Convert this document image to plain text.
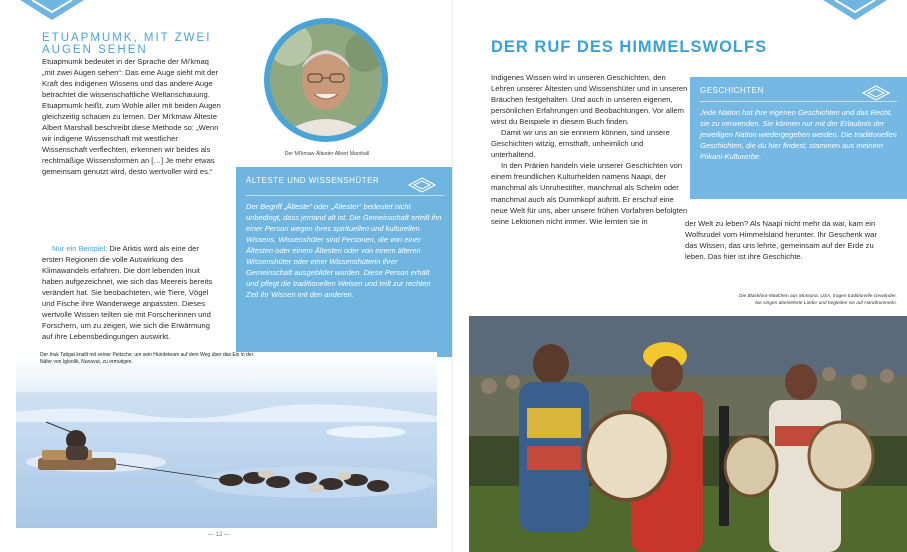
ETUAPMUMK, MIT ZWEI AUGEN SEHEN

Etuapmumk bedeutet in der Sprache der Mi'kmaq „mit zwei Augen sehen“: Das eine Auge sieht mit der Kraft des indigenen Wissens und das andere Auge betrachtet die wissenschaftliche Weltanschauung. Etuapmumk heißt, zum Wohle aller mit beiden Augen gleichzeitig schauen zu lernen. Der Mi'kmaw Älteste Albert Marshall beschreibt diese Methode so: „Wenn wir indigene Wissenschaft mit westlicher Wissenschaft verflechten, erkennen wir beides als rechtmäßige Wissensformen an […] Je mehr etwas gemeinsam genutzt wird, desto wertvoller wird es.“

Nur ein Beispiel: Die Arktis wird als eine der ersten Regionen die volle Auswirkung des Klimawandels erfahren. Die dort lebenden Inuit haben aufgezeichnet, wie sich das Meereis bereits verändert hat. Sie beobachteten, wie Tiere, Vögel und Fische ihre Wanderwege anpassten. Dieses wertvolle Wissen teilten sie mit Forscherinnen und Forschern, um zu zeigen, wie sich die Erwärmung auf ihre Lebensbedingungen auswirkt.

Der Mi'kmaw Ältester Albert Marshall
ÄLTESTE UND WISSENSHÜTER
Der Begriff „Älteste“ oder „Ältester“ bedeutet nicht unbedingt, dass jemand alt ist. Die Gemeinschaft erteilt ihn einer Person wegen ihres spirituellen und kulturellen Wissens. Wissenshüter sind Personen, die von einer Ältesten oder einem Ältesten oder von einem älteren Wissenshüter oder einer Wissenshüterin ihrer Gemeinschaft ausgebildet wurden. Diese Person erhält und pflegt die traditionellen Weisen und teilt zur rechten Zeit ihr Wissen mit den anderen.
Der Inuk Tatigat knallt mit seiner Peitsche, um sein Hundeteam auf dem Weg über das Eis in der Nähe von Igloolik, Nunavut, zu ermutigen.
— 12 —
DER RUF DES HIMMELSWOLFS

Indigenes Wissen wird in unseren Geschichten, den Lehren unserer Ältesten und Wissenshüter und in unseren Bräuchen festgehalten. Und auch in unseren eigenen, persönlichen Erfahrungen und Beobachtungen. Vor allem wirst du Beispiele in diesem Buch finden.

Damit wir uns an sie erinnern können, sind unsere Geschichten witzig, ernsthaft, unheimlich und unterhaltend.

In den Prärien handeln viele unserer Geschichten von einem freundlichen Kulturhelden namens Naapi, der manchmal als Unruhestifter, manchmal als Schelm oder manchmal auch als Dummkopf auftritt. Er erschuf eine neue Welt für uns, aber unsere frühen Vorfahren befolgten seine Lektionen nicht immer. Wie lernten sie in	der Welt zu leben? Als Naapi nicht mehr da war, kam ein Wolfsrudel vom Himmelsland herunter. Ihr Geschenk war das Wissen, das uns lehrte, gemeinsam auf der Erde zu leben. Das hier ist ihre Geschichte.

GESCHICHTEN
Jede Nation hat ihre eigenen Geschichten und das Recht, sie zu verwenden. Sie können nur mit der Erlaubnis der jeweiligen Nation wiedergegeben werden. Die traditionellen Geschichten, die du hier findest, stammen aus meinem Piikani-Kulturerbe.
Die Blackfoot-Mädchen aus Montana, USA, tragen traditionelle Gewänder.
Sie singen überlieferte Lieder und begleiten sie auf Handtrommeln.
